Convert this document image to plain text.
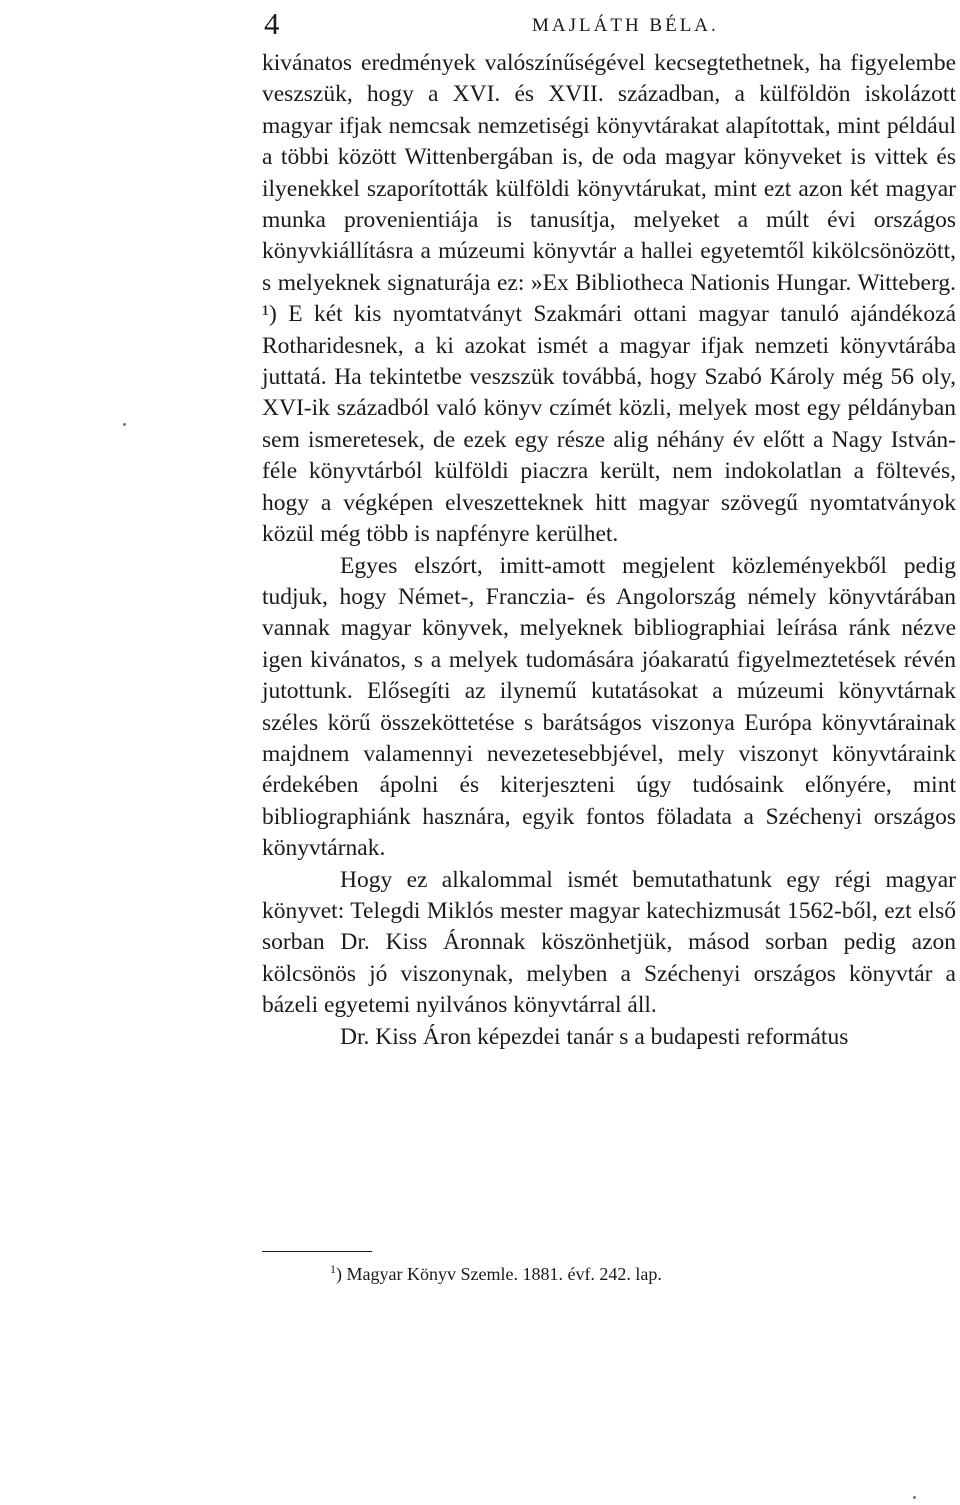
4	MAJLÁTH BÉLA.

kivánatos eredmények valószínűségével kecsegtethetnek, ha figyelembe veszszük, hogy a XVI. és XVII. században, a külföldön iskolázott magyar ifjak nemcsak nemzetiségi könyvtárakat alapítottak, mint például a többi között Wittenbergában is, de oda magyar könyveket is vittek és ilyenekkel szaporították külföldi könyvtárukat, mint ezt azon két magyar munka provenientiája is tanusítja, melyeket a múlt évi országos könyvkiállításra a múzeumi könyvtár a hallei egyetemtől kikölcsönözött, s melyeknek signaturája ez: »Ex Bibliotheca Nationis Hungar. Witteberg. ¹) E két kis nyomtatványt Szakmári ottani magyar tanuló ajándékozá Rotharidesnek, a ki azokat ismét a magyar ifjak nemzeti könyvtárába juttatá. Ha tekintetbe veszszük továbbá, hogy Szabó Károly még 56 oly, XVI-ik századból való könyv czímét közli, melyek most egy példányban sem ismeretesek, de ezek egy része alig néhány év előtt a Nagy István-féle könyvtárból külföldi piaczra került, nem indokolatlan a föltevés, hogy a végképen elveszetteknek hitt magyar szövegű nyomtatványok közül még több is napfényre kerülhet.

Egyes elszórt, imitt-amott megjelent közleményekből pedig tudjuk, hogy Német-, Francziа- és Angolország némely könyvtárában vannak magyar könyvek, melyeknek bibliographiai leírása ránk nézve igen kivánatos, s a melyek tudomására jóakaratú figyelmeztetések révén jutottunk. Elősegíti az ilynemű kutatásokat a múzeumi könyvtárnak széles körű összeköttetése s barátságos viszonya Európa könyvtárainak majdnem valamennyi nevezetesebbjével, mely viszonyt könyvtáraink érdekében ápolni és kiterjeszteni úgy tudósaink előnyére, mint bibliographiánk hasznára, egyik fontos föladata a Széchenyi országos könyvtárnak.

Hogy ez alkalommal ismét bemutathatunk egy régi magyar könyvet: Telegdi Miklós mester magyar katechizmusát 1562-ből, ezt első sorban Dr. Kiss Áronnak köszönhetjük, másod sorban pedig azon kölcsönös jó viszonynak, melyben a Széchenyi országos könyvtár a bázeli egyetemi nyilvános könyvtárral áll.

Dr. Kiss Áron képezdei tanár s a budapesti református

$^1$) Magyar Könyv Szemle. 1881. évf. 242. lap.
